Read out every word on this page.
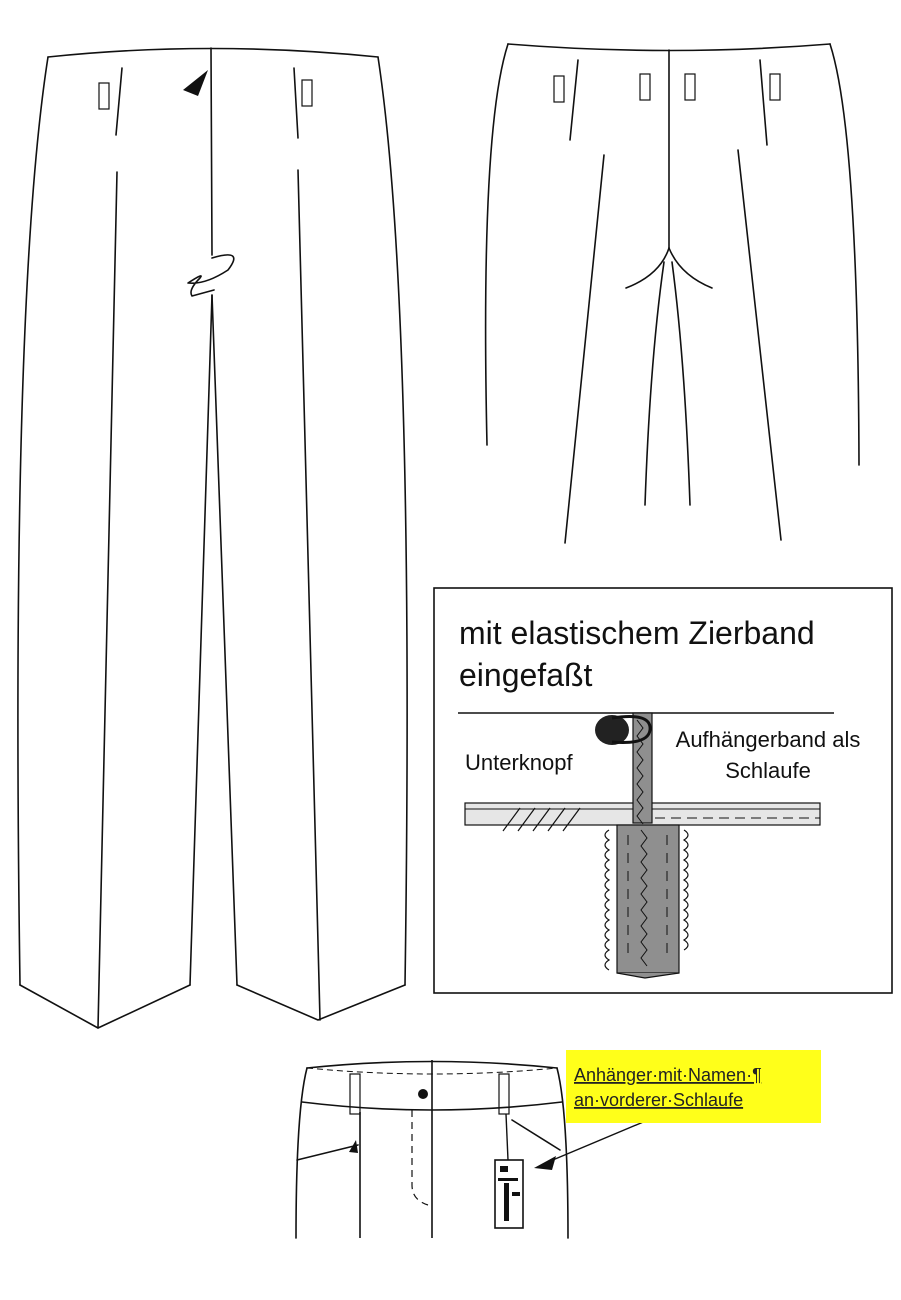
mit elastischem Zierband
eingefaßt
Unterknopf
Aufhängerband als
Schlaufe
Anhänger·mit·Namen·¶
an·vorderer·Schlaufe
